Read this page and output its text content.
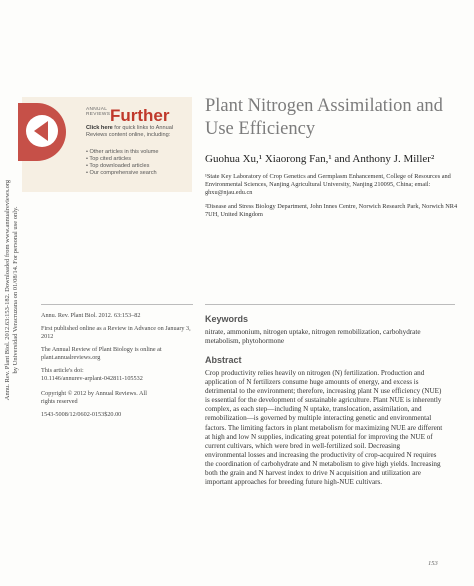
Annu. Rev. Plant Biol. 2012.63:153-182. Downloaded from www.annualreviews.org by Universidad Veracruzana on 01/08/14. For personal use only.
ANNUAL
REVIEWS Further
Click here for quick links to Annual Reviews content online, including:
• Other articles in this volume
• Top cited articles
• Top downloaded articles
• Our comprehensive search
Plant Nitrogen Assimilation and Use Efficiency
Guohua Xu,¹ Xiaorong Fan,¹ and Anthony J. Miller²
¹State Key Laboratory of Crop Genetics and Germplasm Enhancement, College of Resources and Environmental Sciences, Nanjing Agricultural University, Nanjing 210095, China; email: ghxu@njau.edu.cn
²Disease and Stress Biology Department, John Innes Centre, Norwich Research Park, Norwich NR4 7UH, United Kingdom
Annu. Rev. Plant Biol. 2012. 63:153–82
First published online as a Review in Advance on January 3, 2012
The Annual Review of Plant Biology is online at plant.annualreviews.org
This article's doi:
10.1146/annurev-arplant-042811-105532
Copyright © 2012 by Annual Reviews. All rights reserved
1543-5008/12/0602-0153$20.00
Keywords
nitrate, ammonium, nitrogen uptake, nitrogen remobilization, carbohydrate metabolism, phytohormone
Abstract

Crop productivity relies heavily on nitrogen (N) fertilization. Production and application of N fertilizers consume huge amounts of energy, and excess is detrimental to the environment; therefore, increasing plant N use efficiency (NUE) is essential for the development of sustainable agriculture. Plant NUE is inherently complex, as each step—including N uptake, translocation, assimilation, and remobilization—is governed by multiple interacting genetic and environmental factors. The limiting factors in plant metabolism for maximizing NUE are different at high and low N supplies, indicating great potential for improving the NUE of current cultivars, which were bred in well-fertilized soil. Decreasing environmental losses and increasing the productivity of crop-acquired N requires the coordination of carbohydrate and N metabolism to give high yields. Increasing both the grain and N harvest index to drive N acquisition and utilization are important approaches for breeding future high-NUE cultivars.

153
